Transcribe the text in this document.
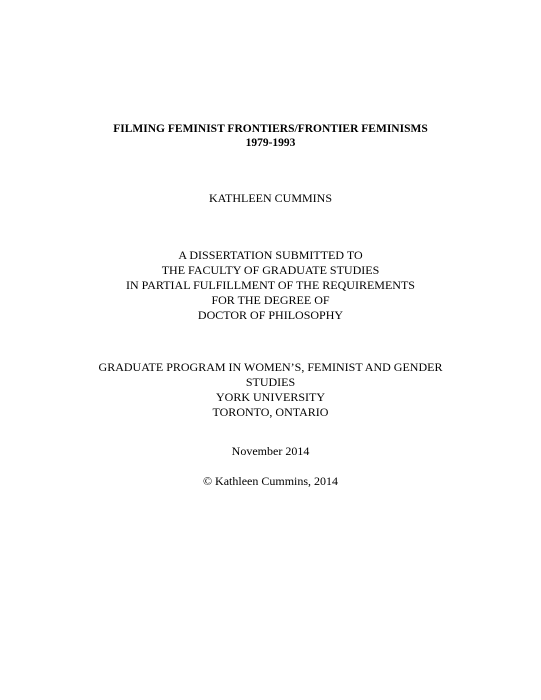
FILMING FEMINIST FRONTIERS/FRONTIER FEMINISMS
1979-1993
KATHLEEN CUMMINS
A DISSERTATION SUBMITTED TO
THE FACULTY OF GRADUATE STUDIES
IN PARTIAL FULFILLMENT OF THE REQUIREMENTS
FOR THE DEGREE OF
DOCTOR OF PHILOSOPHY
GRADUATE PROGRAM IN WOMEN’S, FEMINIST AND GENDER
STUDIES
YORK UNIVERSITY
TORONTO, ONTARIO
November 2014
© Kathleen Cummins, 2014
